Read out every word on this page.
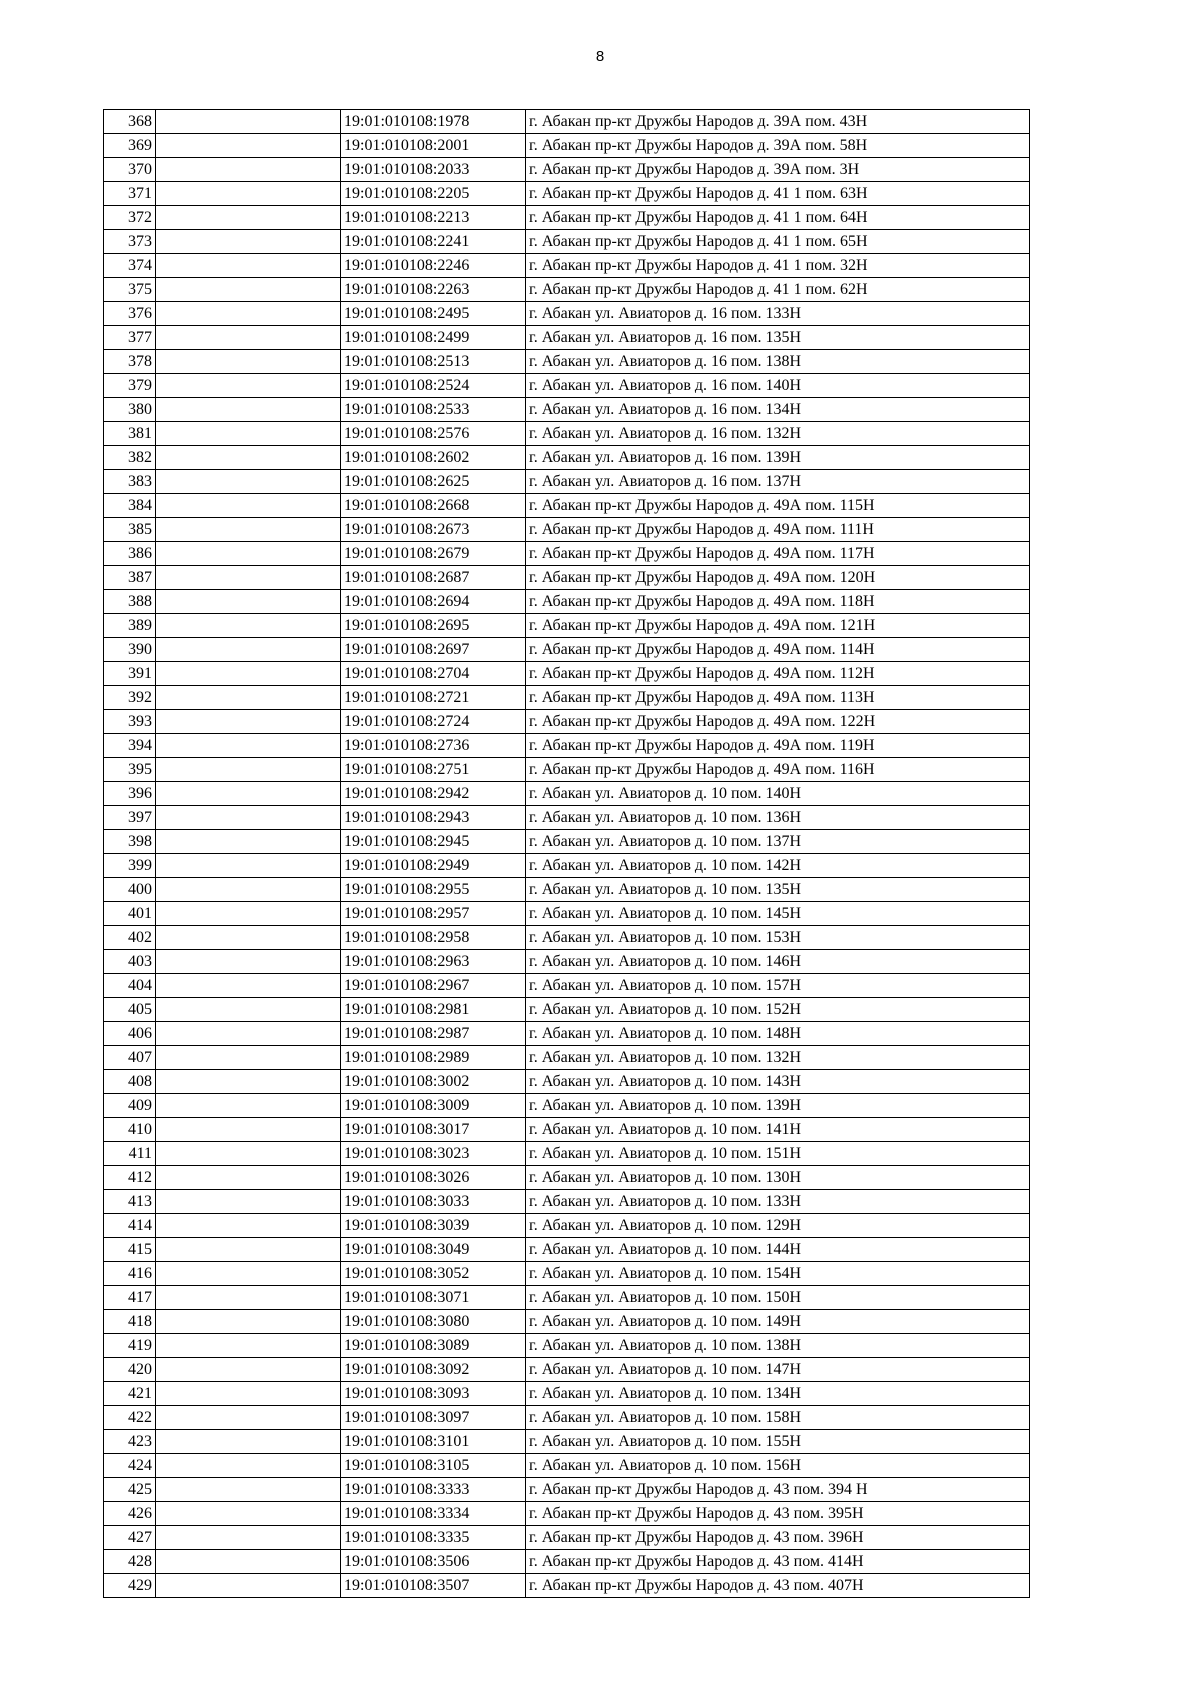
8
368		19:01:010108:1978	г. Абакан пр-кт Дружбы Народов д. 39А пом. 43Н
369		19:01:010108:2001	г. Абакан пр-кт Дружбы Народов д. 39А пом. 58Н
370		19:01:010108:2033	г. Абакан пр-кт Дружбы Народов д. 39А пом. 3Н
371		19:01:010108:2205	г. Абакан пр-кт Дружбы Народов д. 41 1 пом. 63Н
372		19:01:010108:2213	г. Абакан пр-кт Дружбы Народов д. 41 1 пом. 64Н
373		19:01:010108:2241	г. Абакан пр-кт Дружбы Народов д. 41 1 пом. 65Н
374		19:01:010108:2246	г. Абакан пр-кт Дружбы Народов д. 41 1 пом. 32Н
375		19:01:010108:2263	г. Абакан пр-кт Дружбы Народов д. 41 1 пом. 62Н
376		19:01:010108:2495	г. Абакан ул. Авиаторов д. 16 пом. 133Н
377		19:01:010108:2499	г. Абакан ул. Авиаторов д. 16 пом. 135Н
378		19:01:010108:2513	г. Абакан ул. Авиаторов д. 16 пом. 138Н
379		19:01:010108:2524	г. Абакан ул. Авиаторов д. 16 пом. 140Н
380		19:01:010108:2533	г. Абакан ул. Авиаторов д. 16 пом. 134Н
381		19:01:010108:2576	г. Абакан ул. Авиаторов д. 16 пом. 132Н
382		19:01:010108:2602	г. Абакан ул. Авиаторов д. 16 пом. 139Н
383		19:01:010108:2625	г. Абакан ул. Авиаторов д. 16 пом. 137Н
384		19:01:010108:2668	г. Абакан пр-кт Дружбы Народов д. 49А пом. 115Н
385		19:01:010108:2673	г. Абакан пр-кт Дружбы Народов д. 49А пом. 111Н
386		19:01:010108:2679	г. Абакан пр-кт Дружбы Народов д. 49А пом. 117Н
387		19:01:010108:2687	г. Абакан пр-кт Дружбы Народов д. 49А пом. 120Н
388		19:01:010108:2694	г. Абакан пр-кт Дружбы Народов д. 49А пом. 118Н
389		19:01:010108:2695	г. Абакан пр-кт Дружбы Народов д. 49А пом. 121Н
390		19:01:010108:2697	г. Абакан пр-кт Дружбы Народов д. 49А пом. 114Н
391		19:01:010108:2704	г. Абакан пр-кт Дружбы Народов д. 49А пом. 112Н
392		19:01:010108:2721	г. Абакан пр-кт Дружбы Народов д. 49А пом. 113Н
393		19:01:010108:2724	г. Абакан пр-кт Дружбы Народов д. 49А пом. 122Н
394		19:01:010108:2736	г. Абакан пр-кт Дружбы Народов д. 49А пом. 119Н
395		19:01:010108:2751	г. Абакан пр-кт Дружбы Народов д. 49А пом. 116Н
396		19:01:010108:2942	г. Абакан ул. Авиаторов д. 10 пом. 140Н
397		19:01:010108:2943	г. Абакан ул. Авиаторов д. 10 пом. 136Н
398		19:01:010108:2945	г. Абакан ул. Авиаторов д. 10 пом. 137Н
399		19:01:010108:2949	г. Абакан ул. Авиаторов д. 10 пом. 142Н
400		19:01:010108:2955	г. Абакан ул. Авиаторов д. 10 пом. 135Н
401		19:01:010108:2957	г. Абакан ул. Авиаторов д. 10 пом. 145Н
402		19:01:010108:2958	г. Абакан ул. Авиаторов д. 10 пом. 153Н
403		19:01:010108:2963	г. Абакан ул. Авиаторов д. 10 пом. 146Н
404		19:01:010108:2967	г. Абакан ул. Авиаторов д. 10 пом. 157Н
405		19:01:010108:2981	г. Абакан ул. Авиаторов д. 10 пом. 152Н
406		19:01:010108:2987	г. Абакан ул. Авиаторов д. 10 пом. 148Н
407		19:01:010108:2989	г. Абакан ул. Авиаторов д. 10 пом. 132Н
408		19:01:010108:3002	г. Абакан ул. Авиаторов д. 10 пом. 143Н
409		19:01:010108:3009	г. Абакан ул. Авиаторов д. 10 пом. 139Н
410		19:01:010108:3017	г. Абакан ул. Авиаторов д. 10 пом. 141Н
411		19:01:010108:3023	г. Абакан ул. Авиаторов д. 10 пом. 151Н
412		19:01:010108:3026	г. Абакан ул. Авиаторов д. 10 пом. 130Н
413		19:01:010108:3033	г. Абакан ул. Авиаторов д. 10 пом. 133Н
414		19:01:010108:3039	г. Абакан ул. Авиаторов д. 10 пом. 129Н
415		19:01:010108:3049	г. Абакан ул. Авиаторов д. 10 пом. 144Н
416		19:01:010108:3052	г. Абакан ул. Авиаторов д. 10 пом. 154Н
417		19:01:010108:3071	г. Абакан ул. Авиаторов д. 10 пом. 150Н
418		19:01:010108:3080	г. Абакан ул. Авиаторов д. 10 пом. 149Н
419		19:01:010108:3089	г. Абакан ул. Авиаторов д. 10 пом. 138Н
420		19:01:010108:3092	г. Абакан ул. Авиаторов д. 10 пом. 147Н
421		19:01:010108:3093	г. Абакан ул. Авиаторов д. 10 пом. 134Н
422		19:01:010108:3097	г. Абакан ул. Авиаторов д. 10 пом. 158Н
423		19:01:010108:3101	г. Абакан ул. Авиаторов д. 10 пом. 155Н
424		19:01:010108:3105	г. Абакан ул. Авиаторов д. 10 пом. 156Н
425		19:01:010108:3333	г. Абакан пр-кт Дружбы Народов д. 43 пом. 394 Н
426		19:01:010108:3334	г. Абакан пр-кт Дружбы Народов д. 43 пом. 395Н
427		19:01:010108:3335	г. Абакан пр-кт Дружбы Народов д. 43 пом. 396Н
428		19:01:010108:3506	г. Абакан пр-кт Дружбы Народов д. 43 пом. 414Н
429		19:01:010108:3507	г. Абакан пр-кт Дружбы Народов д. 43 пом. 407Н
